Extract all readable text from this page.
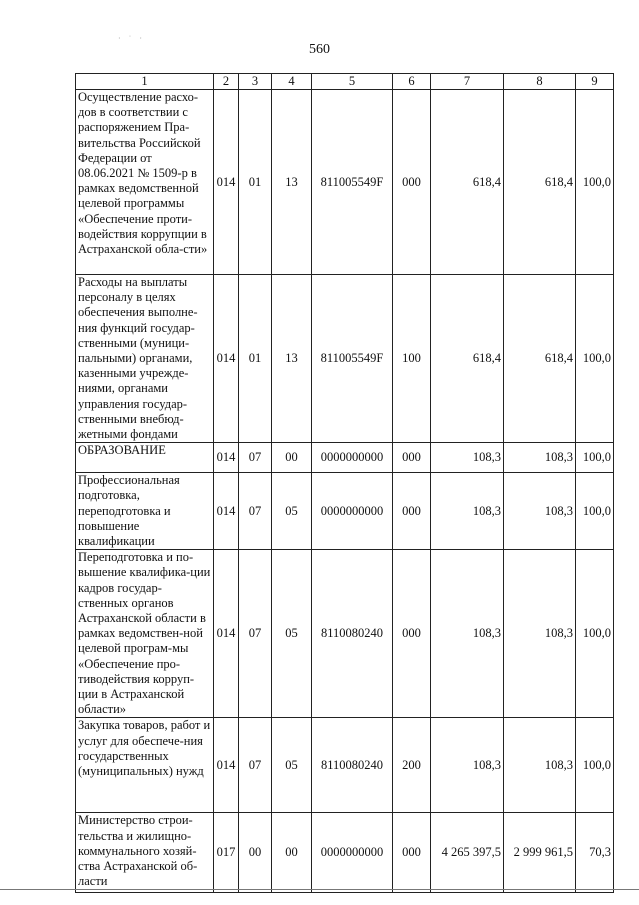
560
· ˙ ·
1	2	3	4	5	6	7	8	9
Осуществление расхо-дов в соответствии с распоряжением Пра-вительства Российской Федерации от 08.06.2021 № 1509-р в рамках ведомственной целевой программы «Обеспечение проти-водействия коррупции в Астраханской обла-сти»	014	01	13	811005549F	000	618,4	618,4	100,0
Расходы на выплаты персоналу в целях обеспечения выполне-ния функций государ-ственными (муници-пальными) органами, казенными учрежде-ниями, органами управления государ-ственными внебюд-жетными фондами	014	01	13	811005549F	100	618,4	618,4	100,0
ОБРАЗОВАНИЕ	014	07	00	0000000000	000	108,3	108,3	100,0
Профессиональная подготовка, переподготовка и повышение квалификации	014	07	05	0000000000	000	108,3	108,3	100,0
Переподготовка и по-вышение квалифика-ции кадров государ-ственных органов Астраханской области в рамках ведомствен-ной целевой програм-мы «Обеспечение про-тиводействия корруп-ции в Астраханской области»	014	07	05	8110080240	000	108,3	108,3	100,0
Закупка товаров, работ и услуг для обеспече-ния государственных (муниципальных) нужд	014	07	05	8110080240	200	108,3	108,3	100,0
Министерство строи-тельства и жилищно-коммунального хозяй-ства Астраханской об-ласти	017	00	00	0000000000	000	4 265 397,5	2 999 961,5	70,3
